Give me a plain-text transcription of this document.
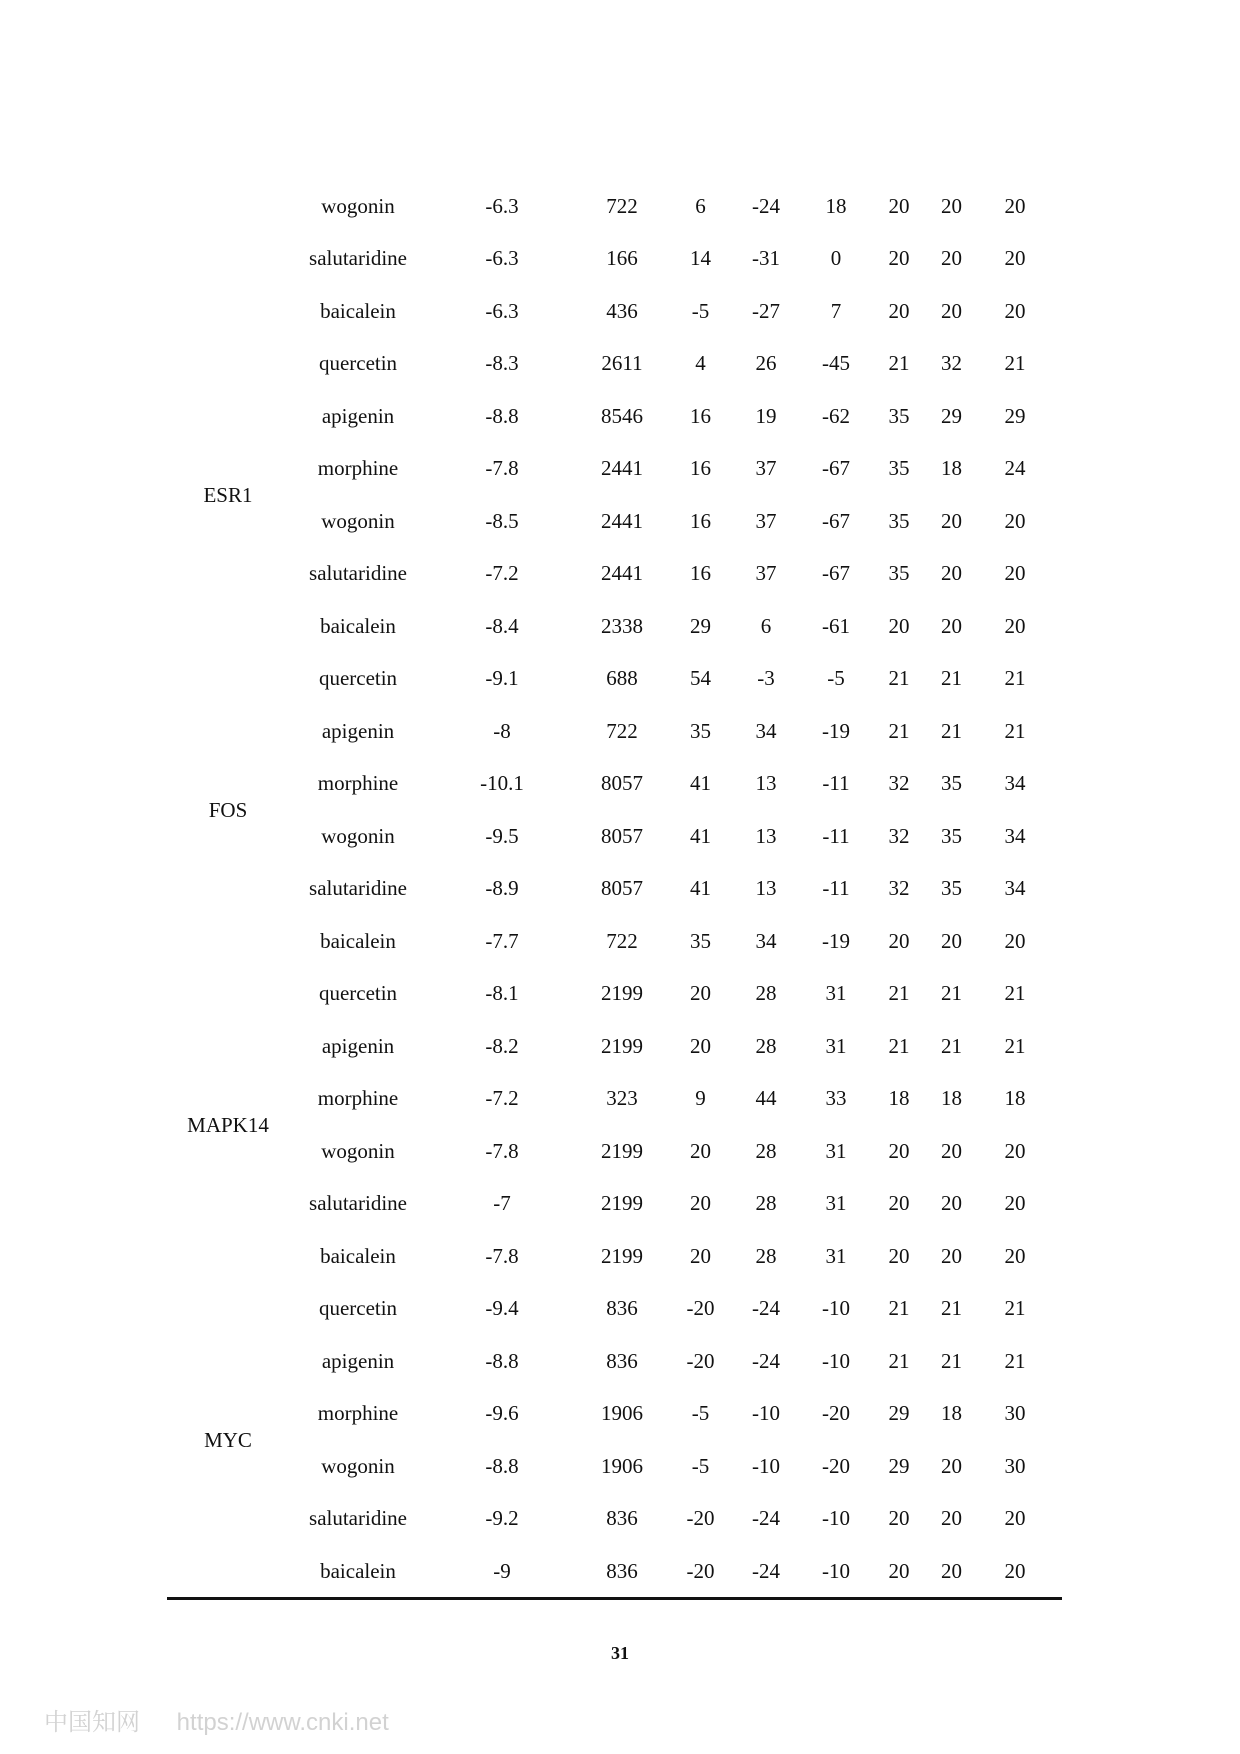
	wogonin	-6.3	722	6	-24	18	20	20	20
	salutaridine	-6.3	166	14	-31	0	20	20	20
	baicalein	-6.3	436	-5	-27	7	20	20	20
ESR1	quercetin	-8.3	2611	4	26	-45	21	32	21
	apigenin	-8.8	8546	16	19	-62	35	29	29
	morphine	-7.8	2441	16	37	-67	35	18	24
	wogonin	-8.5	2441	16	37	-67	35	20	20
	salutaridine	-7.2	2441	16	37	-67	35	20	20
	baicalein	-8.4	2338	29	6	-61	20	20	20
FOS	quercetin	-9.1	688	54	-3	-5	21	21	21
	apigenin	-8	722	35	34	-19	21	21	21
	morphine	-10.1	8057	41	13	-11	32	35	34
	wogonin	-9.5	8057	41	13	-11	32	35	34
	salutaridine	-8.9	8057	41	13	-11	32	35	34
	baicalein	-7.7	722	35	34	-19	20	20	20
MAPK14	quercetin	-8.1	2199	20	28	31	21	21	21
	apigenin	-8.2	2199	20	28	31	21	21	21
	morphine	-7.2	323	9	44	33	18	18	18
	wogonin	-7.8	2199	20	28	31	20	20	20
	salutaridine	-7	2199	20	28	31	20	20	20
	baicalein	-7.8	2199	20	28	31	20	20	20
MYC	quercetin	-9.4	836	-20	-24	-10	21	21	21
	apigenin	-8.8	836	-20	-24	-10	21	21	21
	morphine	-9.6	1906	-5	-10	-20	29	18	30
	wogonin	-8.8	1906	-5	-10	-20	29	20	30
	salutaridine	-9.2	836	-20	-24	-10	20	20	20
	baicalein	-9	836	-20	-24	-10	20	20	20
31
中国知网 https://www.cnki.net
